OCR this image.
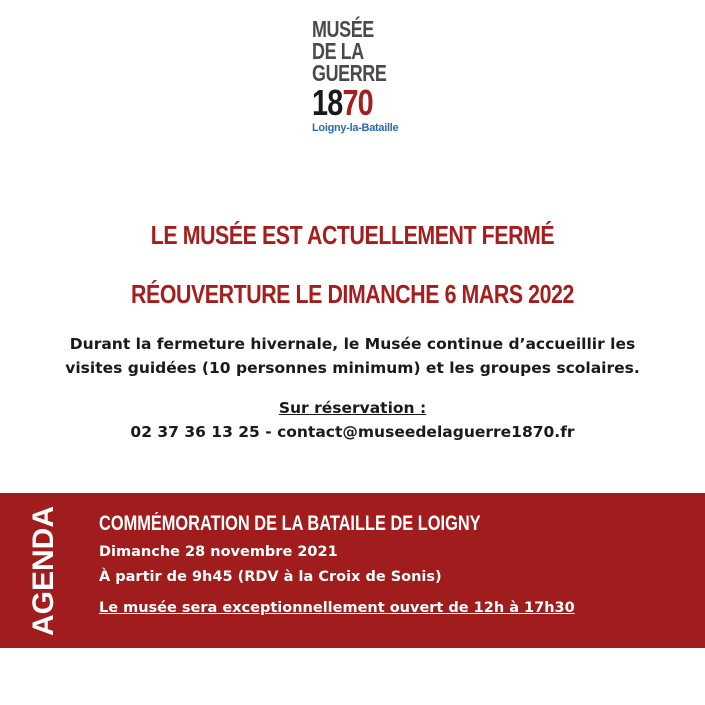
MUSÉE
DE LA
GUERRE
1870
Loigny-la-Bataille
LE MUSÉE EST ACTUELLEMENT FERMÉ
RÉOUVERTURE LE DIMANCHE 6 MARS 2022
Durant la fermeture hivernale, le Musée continue d’accueillir les
visites guidées (10 personnes minimum) et les groupes scolaires.
Sur réservation :
02 37 36 13 25 - contact@museedelaguerre1870.fr
AGENDA COMMÉMORATION DE LA BATAILLE DE LOIGNY
Dimanche 28 novembre 2021
À partir de 9h45 (RDV à la Croix de Sonis)
Le musée sera exceptionnellement ouvert de 12h à 17h30
